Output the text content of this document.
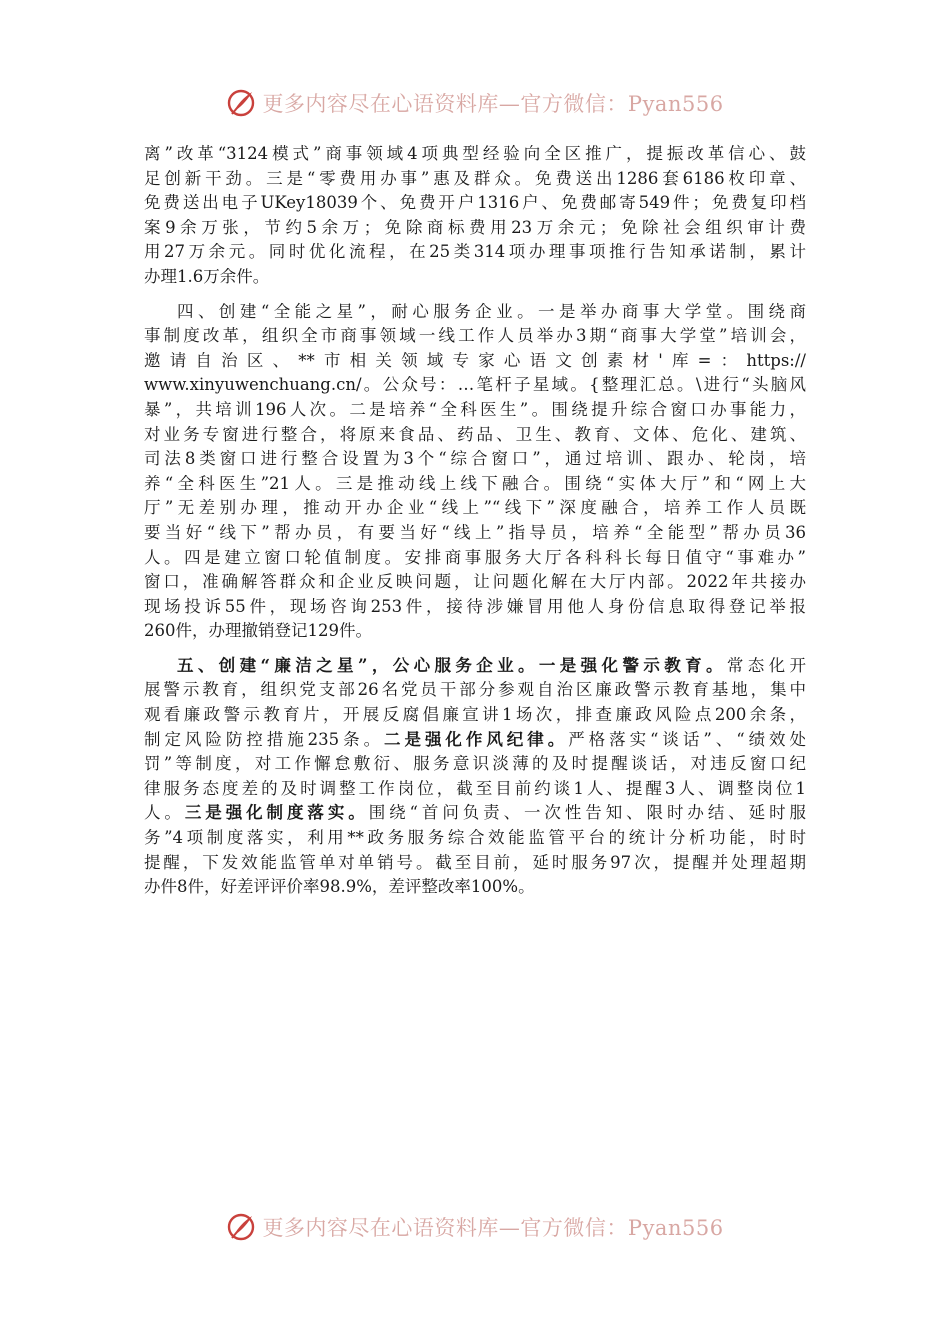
更多内容尽在心语资料库—官方微信：Pyan556

离”改革“3124模式”商事领域4项典型经验向全区推广，提振改革信心、鼓
足创新干劲。三是“零费用办事”惠及群众。免费送出1286套6186枚印章、
免费送出电子UKey18039个、免费开户1316户、免费邮寄549件；免费复印档
案9余万张，节约5余万；免除商标费用23万余元；免除社会组织审计费
用27万余元。同时优化流程，在25类314项办理事项推行告知承诺制，累计
办理1.6万余件。

四、创建“全能之星”，耐心服务企业。一是举办商事大学堂。围绕商
事制度改革，组织全市商事领域一线工作人员举办3期“商事大学堂”培训会，
邀请自治区、**市相关领域专家心语文创素材'库=：https://
www.xinyuwenchuang.cn/。公众号：…笔杆子星域。{整理汇总。\进行“头脑风
暴”，共培训196人次。二是培养“全科医生”。围绕提升综合窗口办事能力，
对业务专窗进行整合，将原来食品、药品、卫生、教育、文体、危化、建筑、
司法8类窗口进行整合设置为3个“综合窗口”，通过培训、跟办、轮岗，培
养“全科医生”21人。三是推动线上线下融合。围绕“实体大厅”和“网上大
厅”无差别办理，推动开办企业“线上”“线下”深度融合，培养工作人员既
要当好“线下”帮办员，有要当好“线上”指导员，培养“全能型”帮办员36
人。四是建立窗口轮值制度。安排商事服务大厅各科科长每日值守“事难办”
窗口，准确解答群众和企业反映问题，让问题化解在大厅内部。2022年共接办
现场投诉55件，现场咨询253件，接待涉嫌冒用他人身份信息取得登记举报
260件，办理撤销登记129件。

五、创建“廉洁之星”，公心服务企业。一是强化警示教育。常态化开
展警示教育，组织党支部26名党员干部分参观自治区廉政警示教育基地，集中
观看廉政警示教育片，开展反腐倡廉宣讲1场次，排查廉政风险点200余条，
制定风险防控措施235条。二是强化作风纪律。严格落实“谈话”、“绩效处
罚”等制度，对工作懈怠敷衍、服务意识淡薄的及时提醒谈话，对违反窗口纪
律服务态度差的及时调整工作岗位，截至目前约谈1人、提醒3人、调整岗位1
人。三是强化制度落实。围绕“首问负责、一次性告知、限时办结、延时服
务”4项制度落实，利用**政务服务综合效能监管平台的统计分析功能，时时
提醒，下发效能监管单对单销号。截至目前，延时服务97次，提醒并处理超期
办件8件，好差评评价率98.9%，差评整改率100%。

更多内容尽在心语资料库—官方微信：Pyan556
